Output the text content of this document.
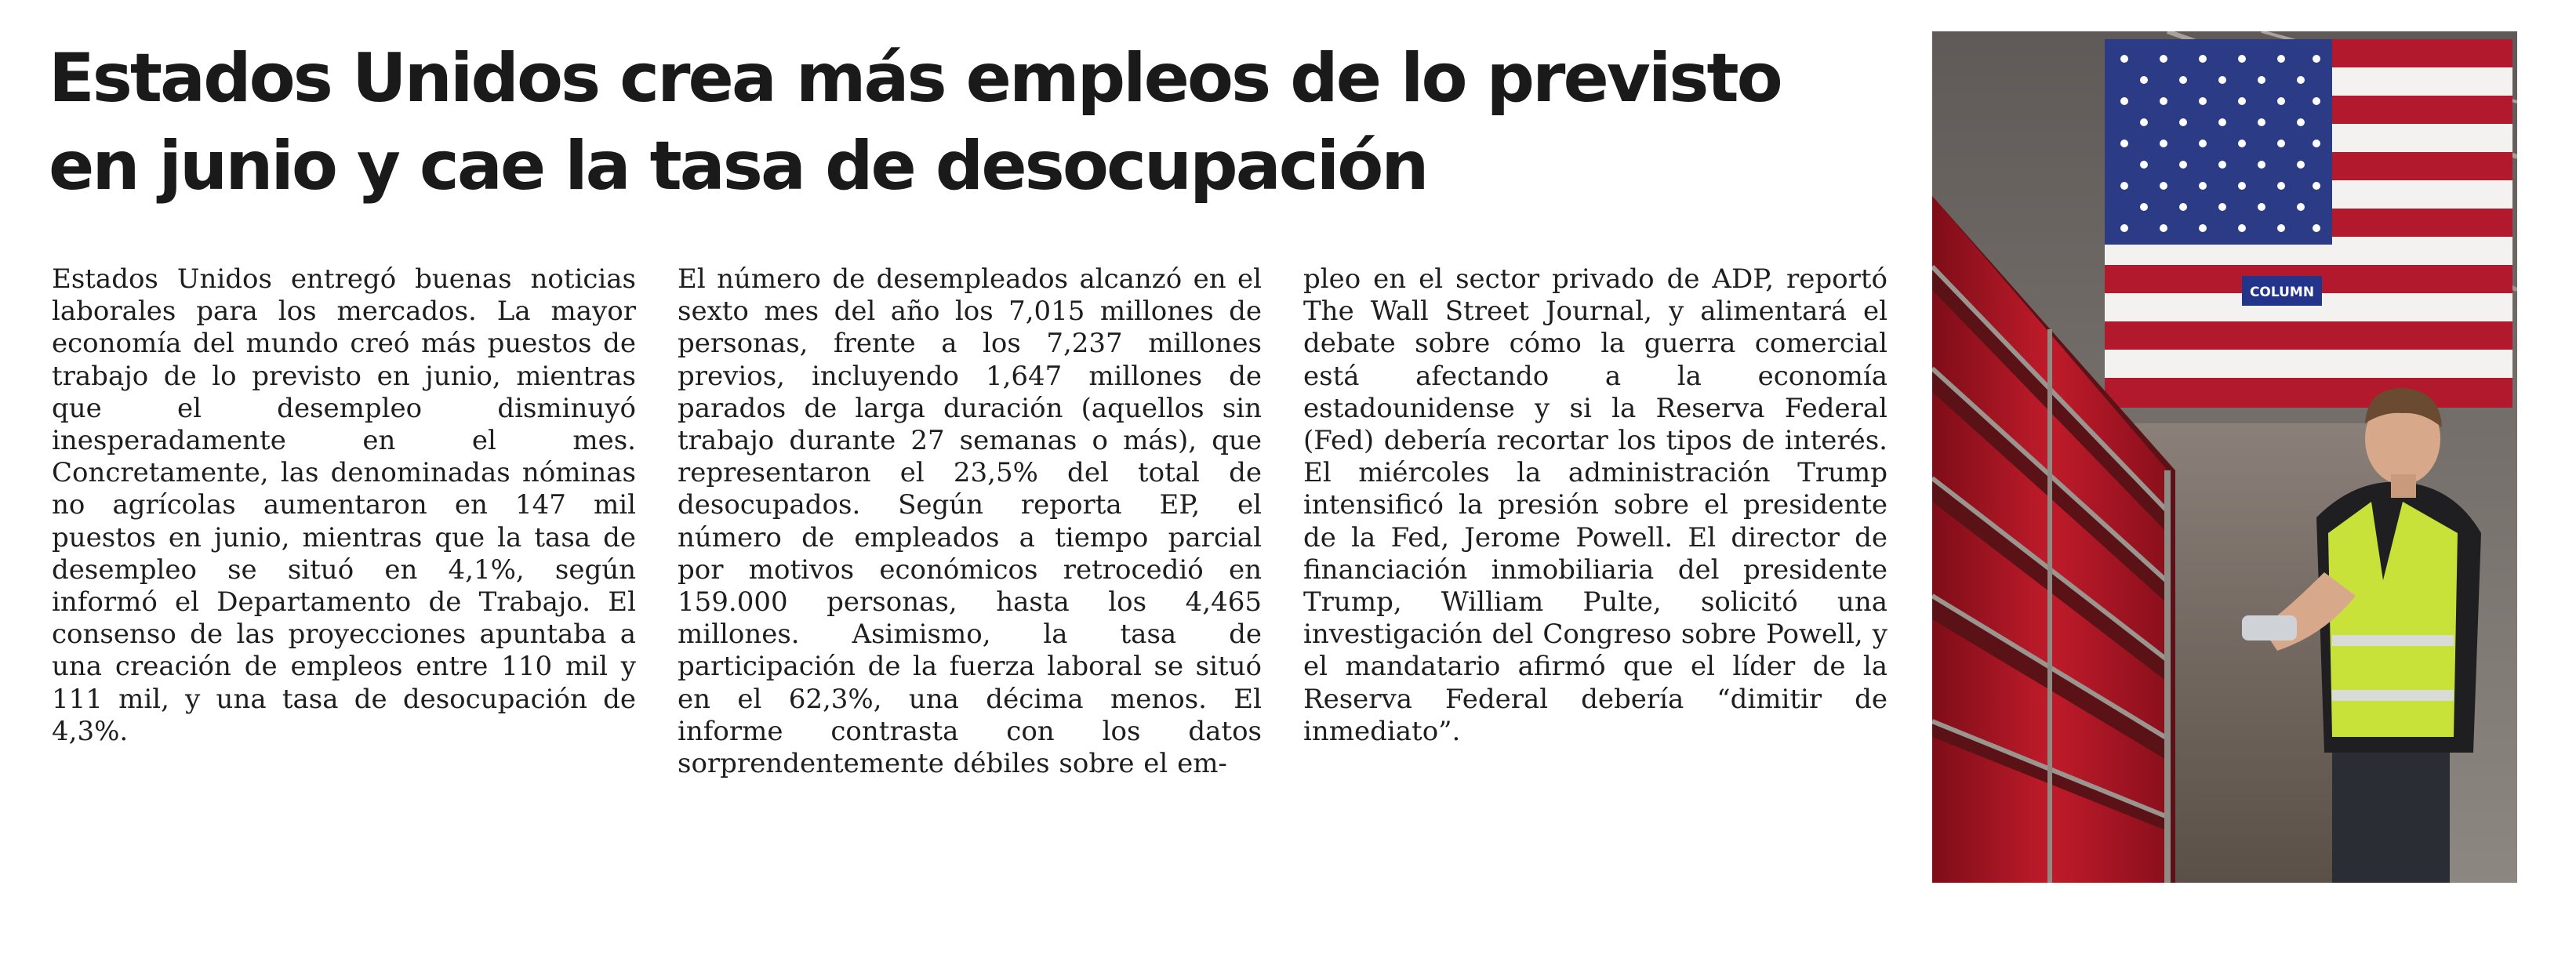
Estados Unidos crea más empleos de lo previsto en junio y cae la tasa de desocupación

Estados Unidos entregó buenas noticias laborales para los mercados. La mayor economía del mundo creó más puestos de trabajo de lo previsto en junio, mientras que el desempleo disminuyó inesperadamente en el mes. Concretamente, las denominadas nóminas no agrícolas aumentaron en 147 mil puestos en junio, mientras que la tasa de desempleo se situó en 4,1%, según informó el Departamento de Trabajo. El consenso de las proyecciones apuntaba a una creación de empleos entre 110 mil y 111 mil, y una tasa de desocupación de 4,3%.

El número de desempleados alcanzó en el sexto mes del año los 7,015 millones de personas, frente a los 7,237 millones previos, incluyendo 1,647 millones de parados de larga duración (aquellos sin trabajo durante 27 semanas o más), que representaron el 23,5% del total de desocupados. Según reporta EP, el número de empleados a tiempo parcial por motivos económicos retrocedió en 159.000 personas, hasta los 4,465 millones. Asimismo, la tasa de participación de la fuerza laboral se situó en el 62,3%, una décima menos. El informe contrasta con los datos sorprendentemente débiles sobre el em-

pleo en el sector privado de ADP, reportó The Wall Street Journal, y alimentará el debate sobre cómo la guerra comercial está afectando a la economía estadounidense y si la Reserva Federal (Fed) debería recortar los tipos de interés. El miércoles la administración Trump intensificó la presión sobre el presidente de la Fed, Jerome Powell. El director de financiación inmobiliaria del presidente Trump, William Pulte, solicitó una investigación del Congreso sobre Powell, y el mandatario afirmó que el líder de la Reserva Federal debería “dimitir de inmediato”.

COLUMN
